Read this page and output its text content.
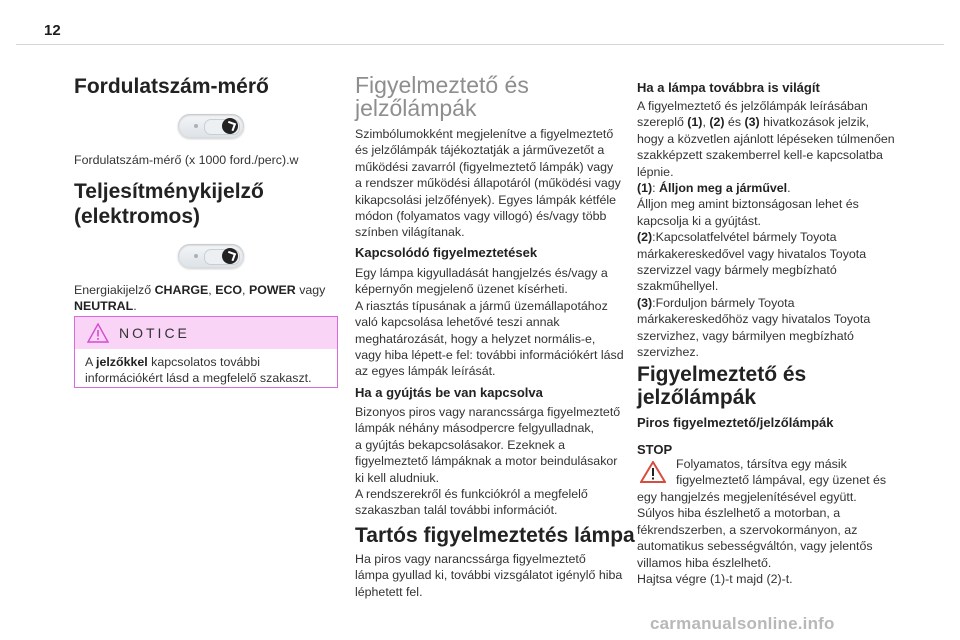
12
Fordulatszám-mérő
Fordulatszám-mérő (x 1000 ford./perc).w
Teljesítménykijelző
(elektromos)
Energiakijelző CHARGE, ECO, POWER vagy
NEUTRAL.
NOTICE
A jelzőkkel kapcsolatos további információkért lásd a megfelelő szakaszt.
Figyelmeztető és
jelzőlámpák
Szimbólumokként megjelenítve a figyelmeztető
és jelzőlámpák tájékoztatják a járművezetőt a
működési zavarról (figyelmeztető lámpák) vagy
a rendszer működési állapotáról (működési vagy
kikapcsolási jelzőfények). Egyes lámpák kétféle
módon (folyamatos vagy villogó) és/vagy több
színben világítanak.
Kapcsolódó figyelmeztetések
Egy lámpa kigyulladását hangjelzés és/vagy a
képernyőn megjelenő üzenet kísérheti.
A riasztás típusának a jármű üzemállapotához
való kapcsolása lehetővé teszi annak
meghatározását, hogy a helyzet normális-e,
vagy hiba lépett-e fel: további információkért lásd
az egyes lámpák leírását.
Ha a gyújtás be van kapcsolva
Bizonyos piros vagy narancssárga figyelmeztető
lámpák néhány másodpercre felgyulladnak,
a gyújtás bekapcsolásakor. Ezeknek a
figyelmeztető lámpáknak a motor beindulásakor
ki kell aludniuk.
A rendszerekről és funkciókról a megfelelő
szakaszban talál további információt.
Tartós figyelmeztetés lámpa
Ha piros vagy narancssárga figyelmeztető
lámpa gyullad ki, további vizsgálatot igénylő hiba
léphetett fel.
Ha a lámpa továbbra is világít
A figyelmeztető és jelzőlámpák leírásában
szereplő (1), (2) és (3) hivatkozások jelzik,
hogy a közvetlen ajánlott lépéseken túlmenően
szakképzett szakemberrel kell-e kapcsolatba
lépnie.
(1): Álljon meg a járművel.
Álljon meg amint biztonságosan lehet és
kapcsolja ki a gyújtást.
(2):Kapcsolatfelvétel bármely Toyota
márkakereskedővel vagy hivatalos Toyota
szervizzel vagy bármely megbízható
szakműhellyel.
(3):Forduljon bármely Toyota
márkakereskedőhöz vagy hivatalos Toyota
szervizhez, vagy bármilyen megbízható
szervizhez.
Figyelmeztető és
jelzőlámpák
Piros figyelmeztető/jelzőlámpák
STOP
Folyamatos, társítva egy másik
figyelmeztető lámpával, egy üzenet és
egy hangjelzés megjelenítésével együtt.
Súlyos hiba észlelhető a motorban, a
fékrendszerben, a szervokormányon, az
automatikus sebességváltón, vagy jelentős
villamos hiba észlelhető.
Hajtsa végre (1)-t majd (2)-t.
carmanualsonline.info
